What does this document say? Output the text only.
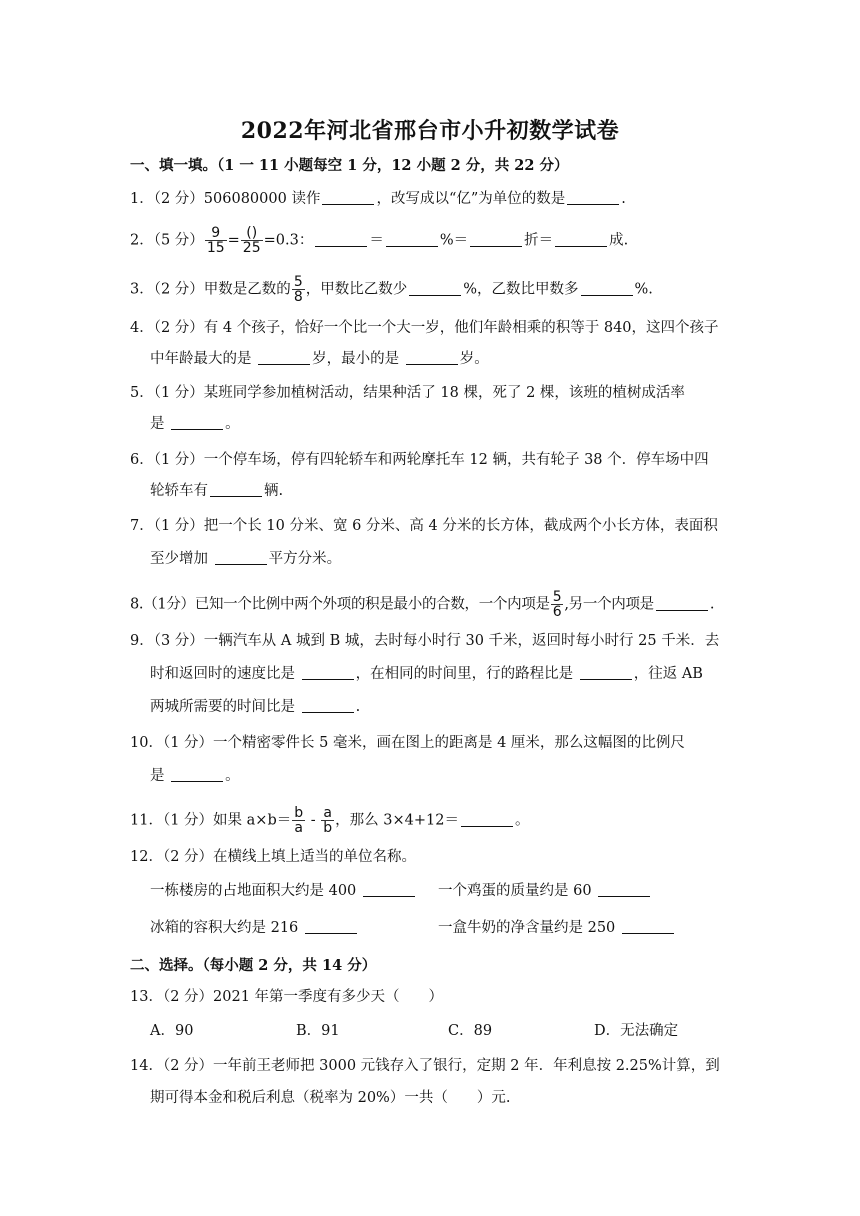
2022年河北省邢台市小升初数学试卷
一、填一填。（1 一 11 小题每空 1 分，12 小题 2 分，共 22 分）
1．（2 分）506080000 读作	，改写成以“亿”为单位的数是	.
2．（5 分） $\frac{9}{15} = \frac{()}{25} =0.3$：	＝	%＝	折＝	成.
3．（2 分）甲数是乙数的 $\frac{5}{8}$ ，甲数比乙数少	%，乙数比甲数多	%.
4．（2 分）有 4 个孩子，恰好一个比一个大一岁，他们年龄相乘的积等于 840，这四个孩子
中年龄最大的是	岁，最小的是	岁。
5．（1 分）某班同学参加植树活动，结果种活了 18 棵，死了 2 棵，该班的植树成活率
是	。
6．（1 分）一个停车场，停有四轮轿车和两轮摩托车 12 辆，共有轮子 38 个．停车场中四
轮轿车有	辆.
7．（1 分）把一个长 10 分米、宽 6 分米、高 4 分米的长方体，截成两个小长方体，表面积
至少增加	平方分米。
8.（1分）已知一个比例中两个外项的积是最小的合数，一个内项是 $\frac{5}{6}$ ,另一个内项是	.
9．（3 分）一辆汽车从 A 城到 B 城，去时每小时行 30 千米，返回时每小时行 25 千米．去
时和返回时的速度比是	，在相同的时间里，行的路程比是	，往返 AB
两城所需要的时间比是	.
10．（1 分）一个精密零件长 5 毫米，画在图上的距离是 4 厘米，那么这幅图的比例尺
是	。
11．（1 分）如果 $a\times b= \frac{b}{a} - \frac{a}{b}$ ，那么 3×4+12＝	。
12．（2 分）在横线上填上适当的单位名称。
一栋楼房的占地面积大约是 400	一个鸡蛋的质量约是 60
冰箱的容积大约是 216	一盒牛奶的净含量约是 250
二、选择。（每小题 2 分，共 14 分）
13．（2 分）2021 年第一季度有多少天（　　）
A．90	B．91	C．89	D．无法确定
14．（2 分）一年前王老师把 3000 元钱存入了银行，定期 2 年．年利息按 2.25%计算，到
期可得本金和税后利息（税率为 20%）一共（　　）元.
